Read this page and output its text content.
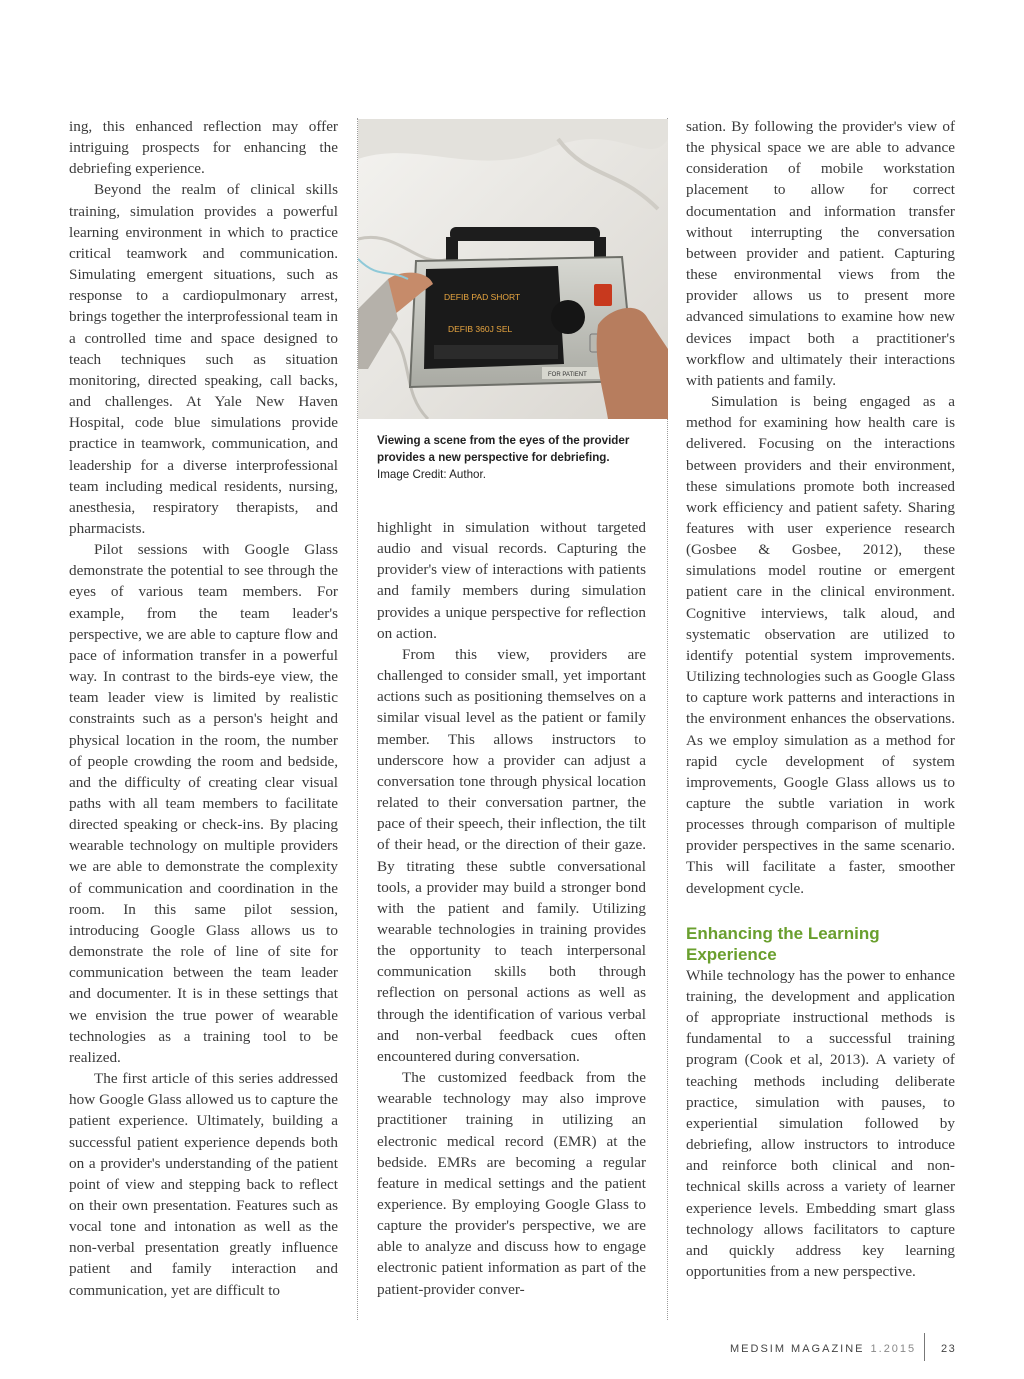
ing, this enhanced reflection may offer intriguing prospects for enhancing the debriefing experience.

Beyond the realm of clinical skills training, simulation provides a powerful learning environment in which to practice critical teamwork and communication. Simulating emergent situations, such as response to a cardiopulmonary arrest, brings together the interprofessional team in a controlled time and space designed to teach techniques such as situation monitoring, directed speaking, call backs, and challenges. At Yale New Haven Hospital, code blue simulations provide practice in teamwork, communication, and leadership for a diverse interprofessional team including medical residents, nursing, anesthesia, respiratory therapists, and pharmacists.

Pilot sessions with Google Glass demonstrate the potential to see through the eyes of various team members. For example, from the team leader's perspective, we are able to capture flow and pace of information transfer in a powerful way. In contrast to the birds-eye view, the team leader view is limited by realistic constraints such as a person's height and physical location in the room, the number of people crowding the room and bedside, and the difficulty of creating clear visual paths with all team members to facilitate directed speaking or check-ins. By placing wearable technology on multiple providers we are able to demonstrate the complexity of communication and coordination in the room. In this same pilot session, introducing Google Glass allows us to demonstrate the role of line of site for communication between the team leader and documenter. It is in these settings that we envision the true power of wearable technologies as a training tool to be realized.

The first article of this series addressed how Google Glass allowed us to capture the patient experience. Ultimately, building a successful patient experience depends both on a provider's understanding of the patient point of view and stepping back to reflect on their own presentation. Features such as vocal tone and intonation as well as the non-verbal presentation greatly influence patient and family interaction and communication, yet are difficult to

DEFIB PAD SHORT
DEFIB 360J SEL
FOR PATIENT
Viewing a scene from the eyes of the provider provides a new perspective for debriefing.
Image Credit: Author.

highlight in simulation without targeted audio and visual records. Capturing the provider's view of interactions with patients and family members during simulation provides a unique perspective for reflection on action.

From this view, providers are challenged to consider small, yet important actions such as positioning themselves on a similar visual level as the patient or family member. This allows instructors to underscore how a provider can adjust a conversation tone through physical location related to their conversation partner, the pace of their speech, their inflection, the tilt of their head, or the direction of their gaze. By titrating these subtle conversational tools, a provider may build a stronger bond with the patient and family. Utilizing wearable technologies in training provides the opportunity to teach interpersonal communication skills both through reflection on personal actions as well as through the identification of various verbal and non-verbal feedback cues often encountered during conversation.

The customized feedback from the wearable technology may also improve practitioner training in utilizing an electronic medical record (EMR) at the bedside. EMRs are becoming a regular feature in medical settings and the patient experience. By employing Google Glass to capture the provider's perspective, we are able to analyze and discuss how to engage electronic patient information as part of the patient-provider conver-

sation. By following the provider's view of the physical space we are able to advance consideration of mobile workstation placement to allow for correct documentation and information transfer without interrupting the conversation between provider and patient. Capturing these environmental views from the provider allows us to present more advanced simulations to examine how new devices impact both a practitioner's workflow and ultimately their interactions with patients and family.

Simulation is being engaged as a method for examining how health care is delivered. Focusing on the interactions between providers and their environment, these simulations promote both increased work efficiency and patient safety. Sharing features with user experience research (Gosbee & Gosbee, 2012), these simulations model routine or emergent patient care in the clinical environment. Cognitive interviews, talk aloud, and systematic observation are utilized to identify potential system improvements. Utilizing technologies such as Google Glass to capture work patterns and interactions in the environment enhances the observations. As we employ simulation as a method for rapid cycle development of system improvements, Google Glass allows us to capture the subtle variation in work processes through comparison of multiple provider perspectives in the same scenario. This will facilitate a faster, smoother development cycle.

Enhancing the Learning Experience

While technology has the power to enhance training, the development and application of appropriate instructional methods is fundamental to a successful training program (Cook et al, 2013). A variety of teaching methods including deliberate practice, simulation with pauses, to experiential simulation followed by debriefing, allow instructors to introduce and reinforce both clinical and non-technical skills across a variety of learner experience levels. Embedding smart glass technology allows facilitators to capture and quickly address key learning opportunities from a new perspective.

MEDSIM MAGAZINE 1.2015 23
